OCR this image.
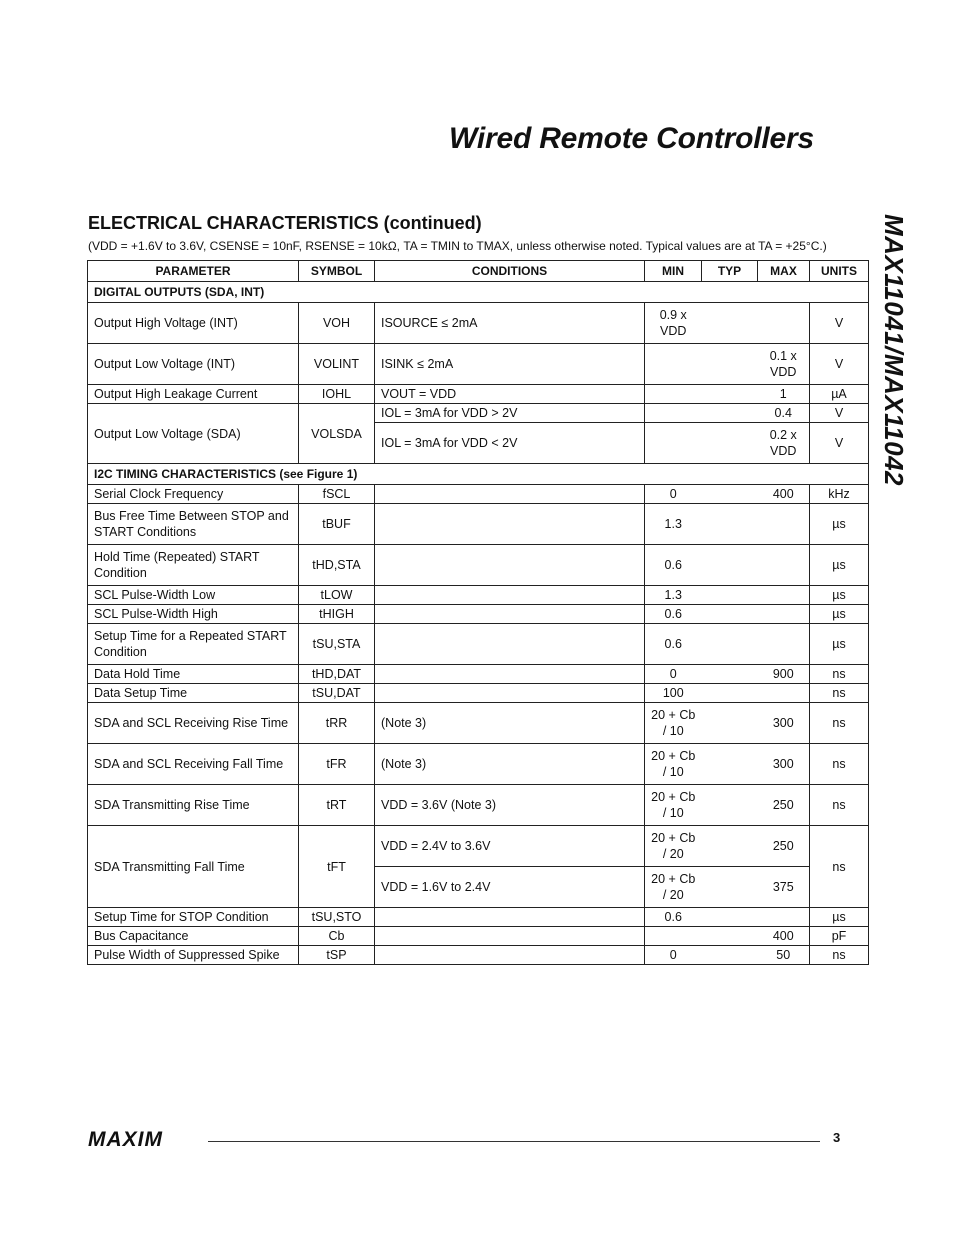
Wired Remote Controllers
MAX11041/MAX11042
ELECTRICAL CHARACTERISTICS (continued)
(VDD = +1.6V to 3.6V, CSENSE = 10nF, RSENSE = 10kΩ, TA = TMIN to TMAX, unless otherwise noted. Typical values are at TA = +25°C.)
PARAMETER	SYMBOL	CONDITIONS	MIN	TYP	MAX	UNITS
DIGITAL OUTPUTS (SDA, INT)						
Output High Voltage (INT)	VOH	ISOURCE ≤ 2mA	0.9 x VDD			V
Output Low Voltage (INT)	VOLINT	ISINK ≤ 2mA			0.1 x VDD	V
Output High Leakage Current	IOHL	VOUT = VDD			1	µA
Output Low Voltage (SDA)	VOLSDA	IOL = 3mA for VDD > 2V			0.4	V
		IOL = 3mA for VDD < 2V			0.2 x VDD	V
I2C TIMING CHARACTERISTICS (see Figure 1)						
Serial Clock Frequency	fSCL		0		400	kHz
Bus Free Time Between STOP and START Conditions	tBUF		1.3			µs
Hold Time (Repeated) START Condition	tHD,STA		0.6			µs
SCL Pulse-Width Low	tLOW		1.3			µs
SCL Pulse-Width High	tHIGH		0.6			µs
Setup Time for a Repeated START Condition	tSU,STA		0.6			µs
Data Hold Time	tHD,DAT		0		900	ns
Data Setup Time	tSU,DAT		100			ns
SDA and SCL Receiving Rise Time	tRR	(Note 3)	20 + Cb / 10		300	ns
SDA and SCL Receiving Fall Time	tFR	(Note 3)	20 + Cb / 10		300	ns
SDA Transmitting Rise Time	tRT	VDD = 3.6V (Note 3)	20 + Cb / 10		250	ns
SDA Transmitting Fall Time	tFT	VDD = 2.4V to 3.6V	20 + Cb / 20		250	ns
		VDD = 1.6V to 2.4V	20 + Cb / 20		375	
Setup Time for STOP Condition	tSU,STO		0.6			µs
Bus Capacitance	Cb				400	pF
Pulse Width of Suppressed Spike	tSP		0		50	ns
MAXIM	3
